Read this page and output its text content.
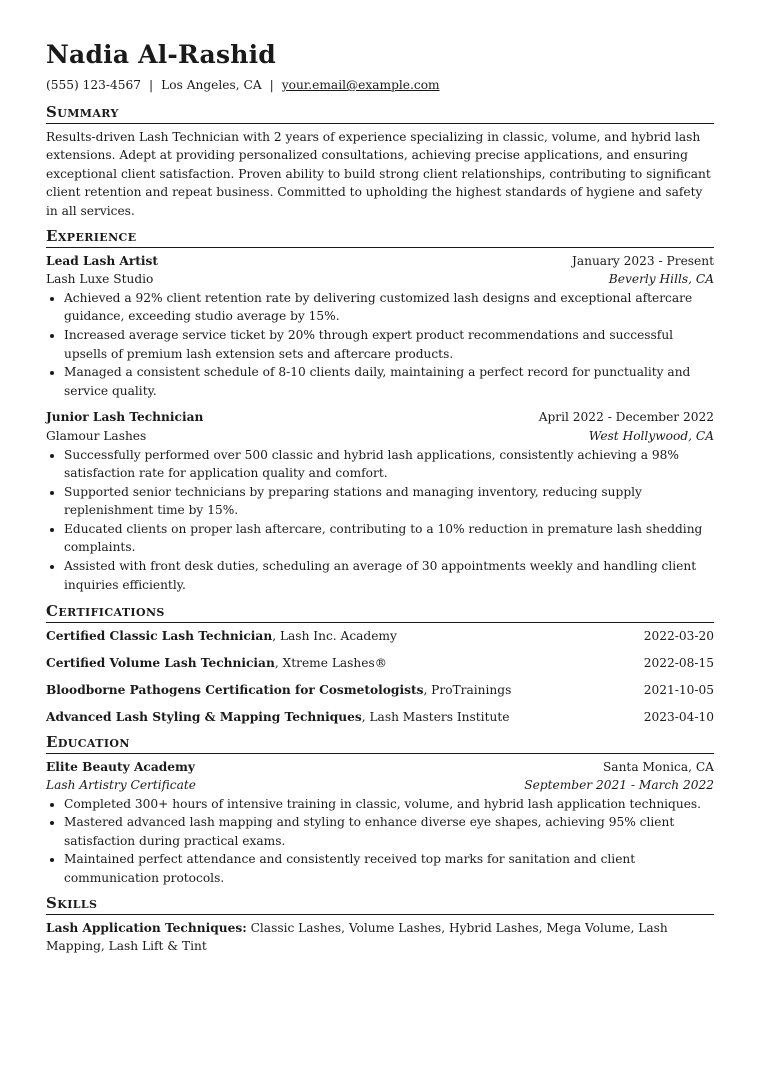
Nadia Al-Rashid
(555) 123-4567 | Los Angeles, CA | your.email@example.com
Summary

Results-driven Lash Technician with 2 years of experience specializing in classic, volume, and hybrid lash extensions. Adept at providing personalized consultations, achieving precise applications, and ensuring exceptional client satisfaction. Proven ability to build strong client relationships, contributing to significant client retention and repeat business. Committed to upholding the highest standards of hygiene and safety in all services.

Experience
Lead Lash Artist	January 2023 - Present
Lash Luxe Studio	Beverly Hills, CA
• Achieved a 92% client retention rate by delivering customized lash designs and exceptional aftercare guidance, exceeding studio average by 15%.
• Increased average service ticket by 20% through expert product recommendations and successful upsells of premium lash extension sets and aftercare products.
• Managed a consistent schedule of 8-10 clients daily, maintaining a perfect record for punctuality and service quality.
Junior Lash Technician	April 2022 - December 2022
Glamour Lashes	West Hollywood, CA
• Successfully performed over 500 classic and hybrid lash applications, consistently achieving a 98% satisfaction rate for application quality and comfort.
• Supported senior technicians by preparing stations and managing inventory, reducing supply replenishment time by 15%.
• Educated clients on proper lash aftercare, contributing to a 10% reduction in premature lash shedding complaints.
• Assisted with front desk duties, scheduling an average of 30 appointments weekly and handling client inquiries efficiently.
Certifications
Certified Classic Lash Technician, Lash Inc. Academy	2022-03-20
Certified Volume Lash Technician, Xtreme Lashes®	2022-08-15
Bloodborne Pathogens Certification for Cosmetologists, ProTrainings	2021-10-05
Advanced Lash Styling & Mapping Techniques, Lash Masters Institute	2023-04-10
Education
Elite Beauty Academy	Santa Monica, CA
Lash Artistry Certificate	September 2021 - March 2022
• Completed 300+ hours of intensive training in classic, volume, and hybrid lash application techniques.
• Mastered advanced lash mapping and styling to enhance diverse eye shapes, achieving 95% client satisfaction during practical exams.
• Maintained perfect attendance and consistently received top marks for sanitation and client communication protocols.
Skills

Lash Application Techniques: Classic Lashes, Volume Lashes, Hybrid Lashes, Mega Volume, Lash Mapping, Lash Lift & Tint
